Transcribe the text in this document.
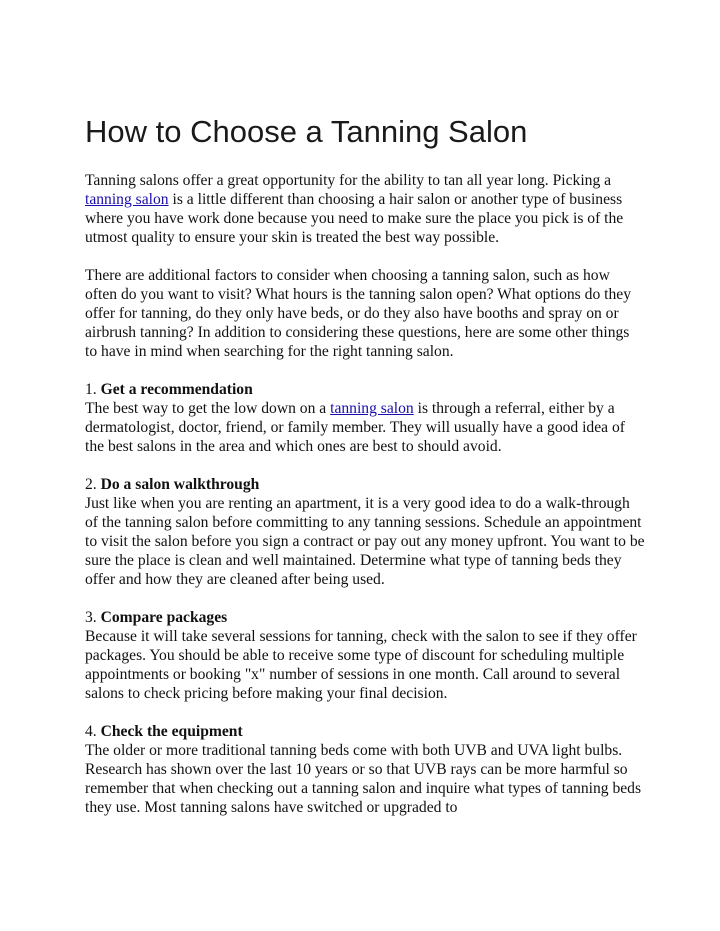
How to Choose a Tanning Salon

Tanning salons offer a great opportunity for the ability to tan all year long. Picking a tanning salon is a little different than choosing a hair salon or another type of business where you have work done because you need to make sure the place you pick is of the utmost quality to ensure your skin is treated the best way possible.

There are additional factors to consider when choosing a tanning salon, such as how often do you want to visit? What hours is the tanning salon open? What options do they offer for tanning, do they only have beds, or do they also have booths and spray on or airbrush tanning? In addition to considering these questions, here are some other things to have in mind when searching for the right tanning salon.

1. Get a recommendation
The best way to get the low down on a tanning salon is through a referral, either by a dermatologist, doctor, friend, or family member. They will usually have a good idea of the best salons in the area and which ones are best to should avoid.

2. Do a salon walkthrough
Just like when you are renting an apartment, it is a very good idea to do a walk-through of the tanning salon before committing to any tanning sessions. Schedule an appointment to visit the salon before you sign a contract or pay out any money upfront. You want to be sure the place is clean and well maintained. Determine what type of tanning beds they offer and how they are cleaned after being used.

3. Compare packages
Because it will take several sessions for tanning, check with the salon to see if they offer packages. You should be able to receive some type of discount for scheduling multiple appointments or booking "x" number of sessions in one month. Call around to several salons to check pricing before making your final decision.

4. Check the equipment
The older or more traditional tanning beds come with both UVB and UVA light bulbs. Research has shown over the last 10 years or so that UVB rays can be more harmful so remember that when checking out a tanning salon and inquire what types of tanning beds they use. Most tanning salons have switched or upgraded to
